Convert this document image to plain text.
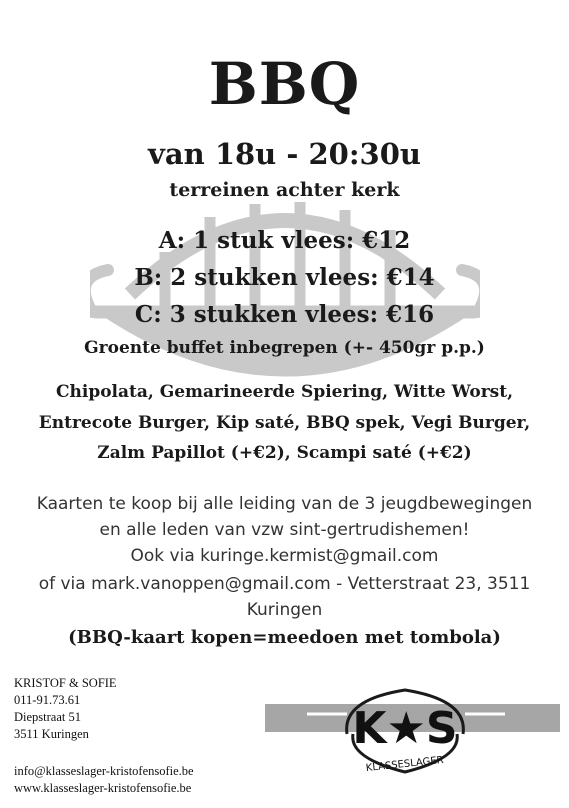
BBQ
van 18u - 20:30u
terreinen achter kerk
A: 1 stuk vlees: €12
B: 2 stukken vlees: €14
C: 3 stukken vlees: €16
Groente buffet inbegrepen (+- 450gr p.p.)
Chipolata, Gemarineerde Spiering, Witte Worst,
Entrecote Burger, Kip saté, BBQ spek, Vegi Burger,
Zalm Papillot (+€2), Scampi saté (+€2)
Kaarten te koop bij alle leiding van de 3 jeugdbewegingen
en alle leden van vzw sint-gertrudishemen!
Ook via kuringe.kermist@gmail.com
of via mark.vanoppen@gmail.com - Vetterstraat 23, 3511
Kuringen
(BBQ-kaart kopen=meedoen met tombola)
KRISTOF & SOFIE
011-91.73.61
Diepstraat 51
3511 Kuringen
info@klasseslager-kristofensofie.be
www.klasseslager-kristofensofie.be
K★S
KLASSESLAGER
